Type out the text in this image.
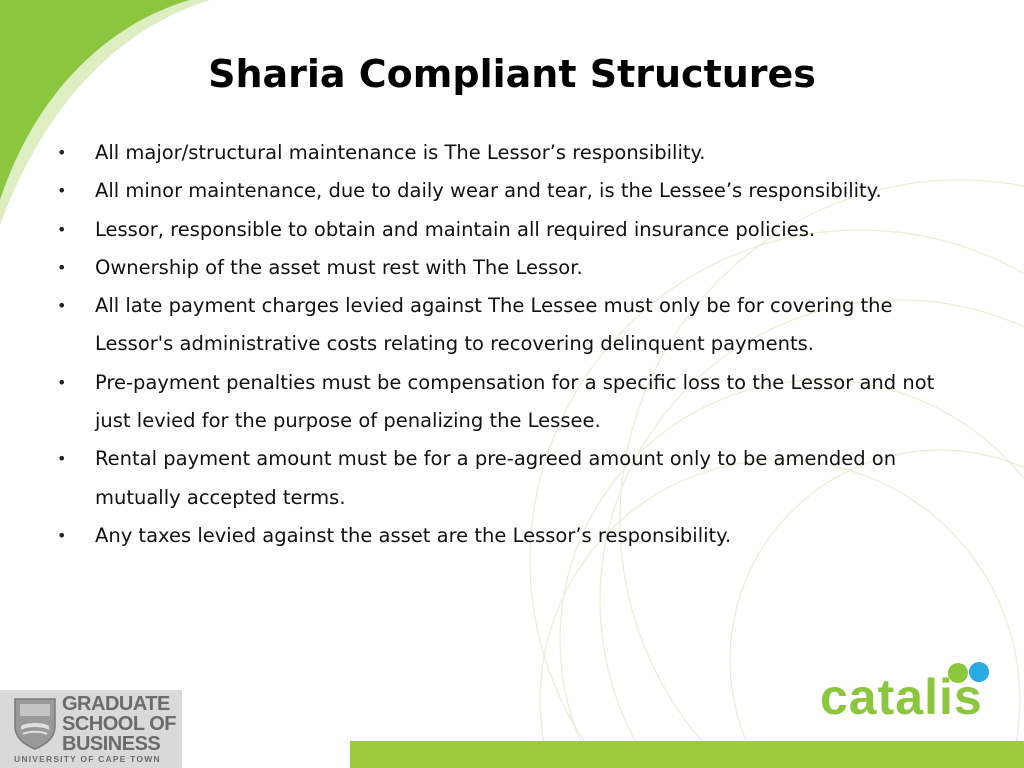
Sharia Compliant Structures
• All major/structural maintenance is The Lessor’s responsibility.
• All minor maintenance, due to daily wear and tear, is the Lessee’s responsibility.
• Lessor, responsible to obtain and maintain all required insurance policies.
• Ownership of the asset must rest with The Lessor.
• All late payment charges levied against The Lessee must only be for covering the Lessor's administrative costs relating to recovering delinquent payments.
• Pre-payment penalties must be compensation for a specific loss to the Lessor and not just levied for the purpose of penalizing the Lessee.
• Rental payment amount must be for a pre-agreed amount only to be amended on mutually accepted terms.
• Any taxes levied against the asset are the Lessor’s responsibility.
GRADUATE
SCHOOL OF
BUSINESS
UNIVERSITY OF CAPE TOWN
catalis
